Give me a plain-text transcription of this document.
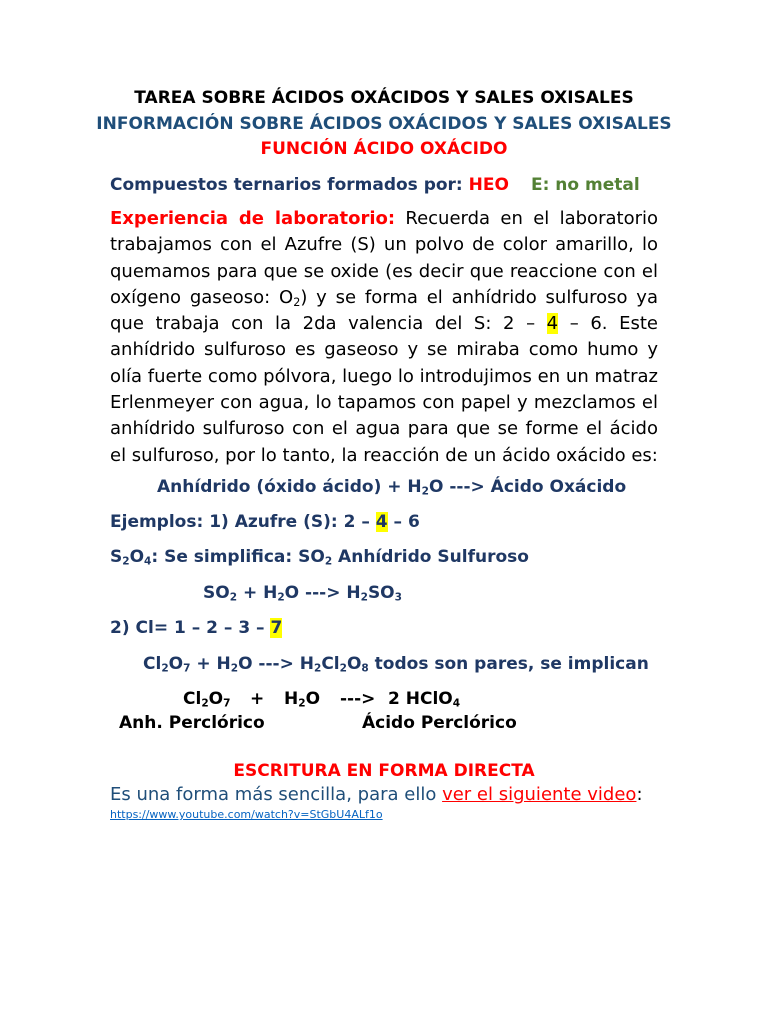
TAREA SOBRE ÁCIDOS OXÁCIDOS Y SALES OXISALES
INFORMACIÓN SOBRE ÁCIDOS OXÁCIDOS Y SALES OXISALES
FUNCIÓN ÁCIDO OXÁCIDO
Compuestos ternarios formados por: HEO E: no metal
Experiencia de laboratorio: Recuerda en el laboratorio trabajamos con el Azufre (S) un polvo de color amarillo, lo quemamos para que se oxide (es decir que reaccione con el oxígeno gaseoso: $O_2$) y se forma el anhídrido sulfuroso ya que trabaja con la 2da valencia del S: 2 – 4 – 6. Este anhídrido sulfuroso es gaseoso y se miraba como humo y olía fuerte como pólvora, luego lo introdujimos en un matraz Erlenmeyer con agua, lo tapamos con papel y mezclamos el anhídrido sulfuroso con el agua para que se forme el ácido el sulfuroso, por lo tanto, la reacción de un ácido oxácido es:
Anhídrido (óxido ácido) + $H_2O$ ---> Ácido Oxácido
Ejemplos: 1) Azufre (S): 2 – 4 – 6
$S_2O_4$: Se simplifica: $SO_2$ Anhídrido Sulfuroso
$SO_2 + H_2O$ ---> $H_2SO_3$
2) Cl= 1 – 2 – 3 – 7
$Cl_2O_7 + H_2O$ ---> $H_2Cl_2O_8$ todos son pares, se implican
$Cl_2O_7 + H_2O$ ---> 2 HClO$_4$
Anh. Perclórico	Ácido Perclórico
ESCRITURA EN FORMA DIRECTA
Es una forma más sencilla, para ello ver el siguiente video:
https://www.youtube.com/watch?v=StGbU4ALf1o
